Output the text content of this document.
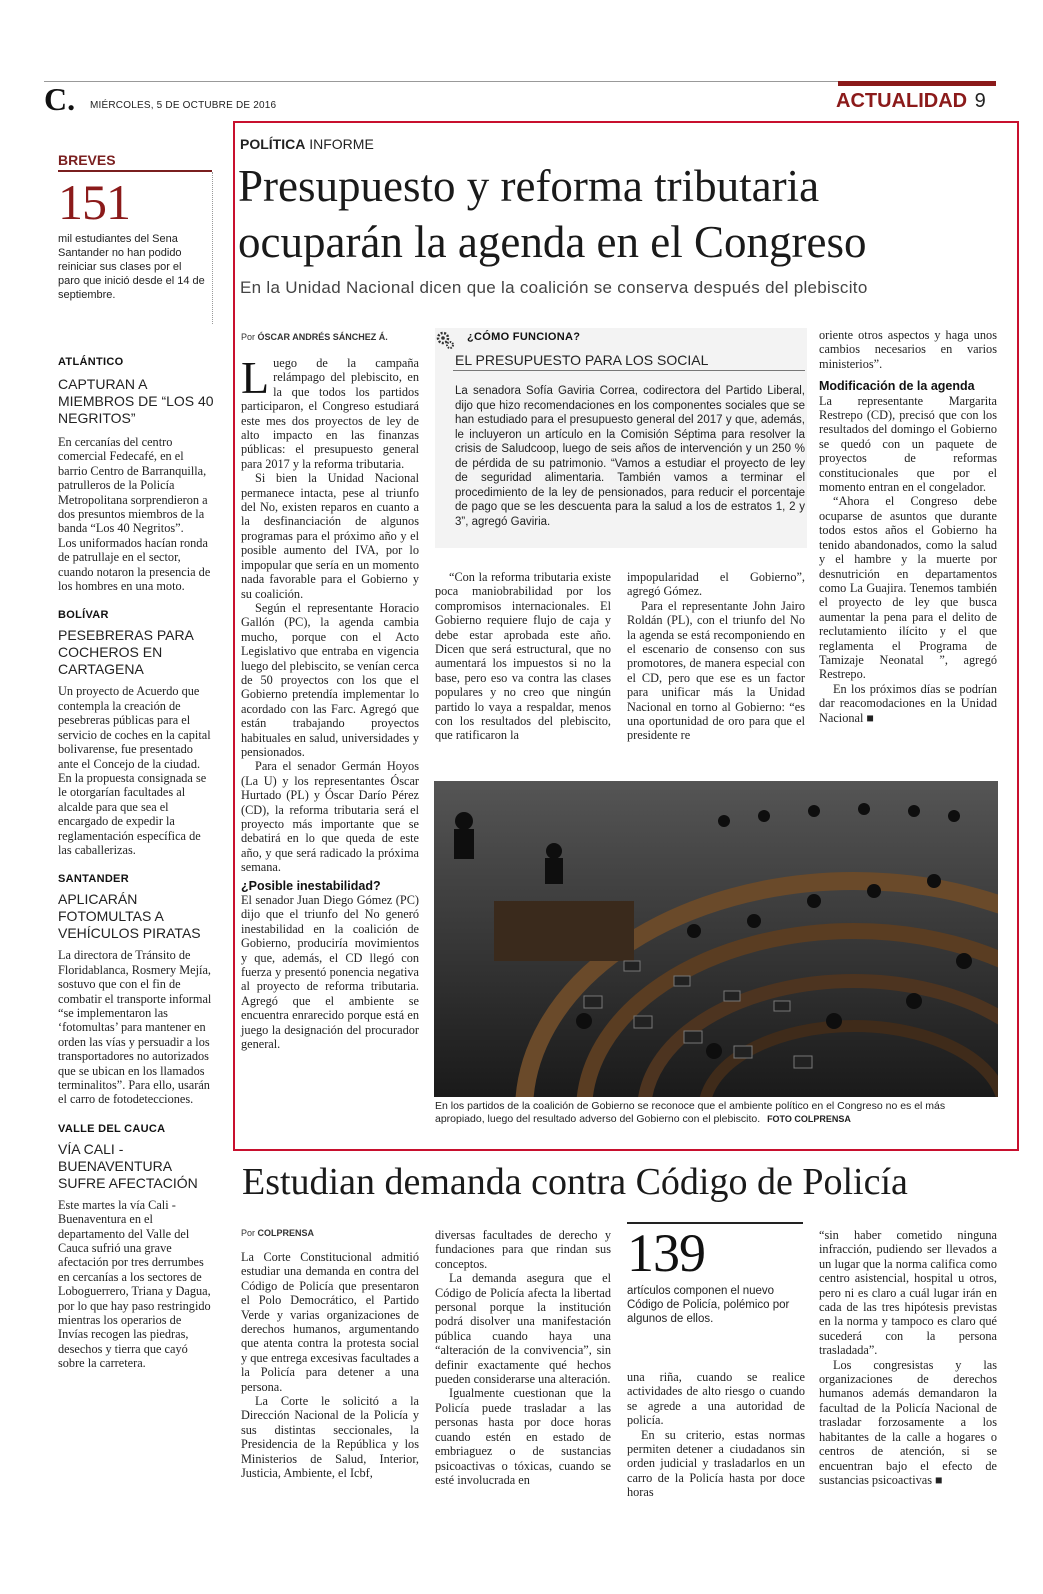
C. MIÉRCOLES, 5 DE OCTUBRE DE 2016	ACTUALIDAD 9
BREVES
151
mil estudiantes del Sena Santander no han podido reiniciar sus clases por el paro que inició desde el 14 de septiembre.
ATLÁNTICO
CAPTURAN A MIEMBROS DE “LOS 40 NEGRITOS”

En cercanías del centro comercial Fedecafé, en el barrio Centro de Barranquilla, patrulleros de la Policía Metropolitana sorprendieron a dos presuntos miembros de la banda “Los 40 Negritos”.

Los uniformados hacían ronda de patrullaje en el sector, cuando notaron la presencia de los hombres en una moto.

BOLÍVAR
PESEBRERAS PARA COCHEROS EN CARTAGENA

Un proyecto de Acuerdo que contempla la creación de pesebreras públicas para el servicio de coches en la capital bolivarense, fue presentado ante el Concejo de la ciudad.

En la propuesta consignada se le otorgarían facultades al alcalde para que sea el encargado de expedir la reglamentación específica de las caballerizas.

SANTANDER
APLICARÁN FOTOMULTAS A VEHÍCULOS PIRATAS

La directora de Tránsito de Floridablanca, Rosmery Mejía, sostuvo que con el fin de combatir el transporte informal “se implementaron las ‘fotomultas’ para mantener en orden las vías y persuadir a los transportadores no autorizados que se ubican en los llamados terminalitos”. Para ello, usarán el carro de fotodetecciones.

VALLE DEL CAUCA
VÍA CALI - BUENAVENTURA SUFRE AFECTACIÓN

Este martes la vía Cali - Buenaventura en el departamento del Valle del Cauca sufrió una grave afectación por tres derrumbes en cercanías a los sectores de Loboguerrero, Triana y Dagua, por lo que hay paso restringido mientras los operarios de Invías recogen las piedras, desechos y tierra que cayó sobre la carretera.

POLÍTICA INFORME
Presupuesto y reforma tributaria
ocuparán la agenda en el Congreso
En la Unidad Nacional dicen que la coalición se conserva después del plebiscito
Por ÓSCAR ANDRÉS SÁNCHEZ Á.

Luego de la campaña relámpago del plebiscito, en la que todos los partidos participaron, el Congreso estudiará este mes dos proyectos de ley de alto impacto en las finanzas públicas: el presupuesto general para 2017 y la reforma tributaria.

Si bien la Unidad Nacional permanece intacta, pese al triunfo del No, existen reparos en cuanto a la desfinanciación de algunos programas para el próximo año y el posible aumento del IVA, por lo impopular que sería en un momento nada favorable para el Gobierno y su coalición.

Según el representante Horacio Gallón (PC), la agenda cambia mucho, porque con el Acto Legislativo que entraba en vigencia luego del plebiscito, se venían cerca de 50 proyectos con los que el Gobierno pretendía implementar lo acordado con las Farc. Agregó que están trabajando proyectos habituales en salud, universidades y pensionados.

Para el senador Germán Hoyos (La U) y los representantes Óscar Hurtado (PL) y Óscar Darío Pérez (CD), la reforma tributaria será el proyecto más importante que se debatirá en lo que queda de este año, y que será radicado la próxima semana.

¿Posible inestabilidad?

El senador Juan Diego Gómez (PC) dijo que el triunfo del No generó inestabilidad en la coalición de Gobierno, produciría movimientos y que, además, el CD llegó con fuerza y presentó ponencia negativa al proyecto de reforma tributaria. Agregó que el ambiente se encuentra enrarecido porque está en juego la designación del procurador general.

¿CÓMO FUNCIONA?
EL PRESUPUESTO PARA LOS SOCIAL
La senadora Sofía Gaviria Correa, codirectora del Partido Liberal, dijo que hizo recomendaciones en los componentes sociales que se han estudiado para el presupuesto general del 2017 y que, además, le incluyeron un artículo en la Comisión Séptima para resolver la crisis de Saludcoop, luego de seis años de intervención y un 250 % de pérdida de su patrimonio. “Vamos a estudiar el proyecto de ley de seguridad alimentaria. También vamos a terminar el procedimiento de la ley de pensionados, para reducir el porcentaje de pago que se les descuenta para la salud a los de estratos 1, 2 y 3”, agregó Gaviria.

“Con la reforma tributaria existe poca maniobrabilidad por los compromisos internacionales. El Gobierno requiere flujo de caja y debe estar aprobada este año. Dicen que será estructural, que no aumentará los impuestos si no la base, pero eso va contra las clases populares y no creo que ningún partido lo vaya a respaldar, menos con los resultados del plebiscito, que ratificaron la

impopularidad el Gobierno”, agregó Gómez.

Para el representante John Jairo Roldán (PL), con el triunfo del No la agenda se está recomponiendo en el escenario de consenso con sus promotores, de manera especial con el CD, pero que ese es un factor para unificar más la Unidad Nacional en torno al Gobierno: “es una oportunidad de oro para que el presidente re

oriente otros aspectos y haga unos cambios necesarios en varios ministerios”.

Modificación de la agenda

La representante Margarita Restrepo (CD), precisó que con los resultados del domingo el Gobierno se quedó con un paquete de proyectos de reformas constitucionales que por el momento entran en el congelador.

“Ahora el Congreso debe ocuparse de asuntos que durante todos estos años el Gobierno ha tenido abandonados, como la salud y el hambre y la muerte por desnutrición en departamentos como La Guajira. Tenemos también el proyecto de ley que busca aumentar la pena para el delito de reclutamiento ilícito y el que reglamenta el Programa de Tamizaje Neonatal ”, agregó Restrepo.

En los próximos días se podrían dar reacomodaciones en la Unidad Nacional ■

En los partidos de la coalición de Gobierno se reconoce que el ambiente político en el Congreso no es el más apropiado, luego del resultado adverso del Gobierno con el plebiscito. FOTO COLPRENSA
Estudian demanda contra Código de Policía
Por COLPRENSA

La Corte Constitucional admitió estudiar una demanda en contra del Código de Policía que presentaron el Polo Democrático, el Partido Verde y varias organizaciones de derechos humanos, argumentando que atenta contra la protesta social y que entrega excesivas facultades a la Policía para detener a una persona.

La Corte le solicitó a la Dirección Nacional de la Policía y sus distintas seccionales, la Presidencia de la República y los Ministerios de Salud, Interior, Justicia, Ambiente, el Icbf,

diversas facultades de derecho y fundaciones para que rindan sus conceptos.

La demanda asegura que el Código de Policía afecta la libertad personal porque la institución podrá disolver una manifestación pública cuando haya una “alteración de la convivencia”, sin definir exactamente qué hechos pueden considerarse una alteración.

Igualmente cuestionan que la Policía puede trasladar a las personas hasta por doce horas cuando estén en estado de embriaguez o de sustancias psicoactivas o tóxicas, cuando se esté involucrada en

139
artículos componen el nuevo Código de Policía, polémico por algunos de ellos.

una riña, cuando se realice actividades de alto riesgo o cuando se agrede a una autoridad de policía.

En su criterio, estas normas permiten detener a ciudadanos sin orden judicial y trasladarlos en un carro de la Policía hasta por doce horas

“sin haber cometido ninguna infracción, pudiendo ser llevados a un lugar que la norma califica como centro asistencial, hospital u otros, pero ni es claro a cuál lugar irán en cada de las tres hipótesis previstas en la norma y tampoco es claro qué sucederá con la persona trasladada”.

Los congresistas y las organizaciones de derechos humanos además demandaron la facultad de la Policía Nacional de trasladar forzosamente a los habitantes de la calle a hogares o centros de atención, si se encuentran bajo el efecto de sustancias psicoactivas ■
